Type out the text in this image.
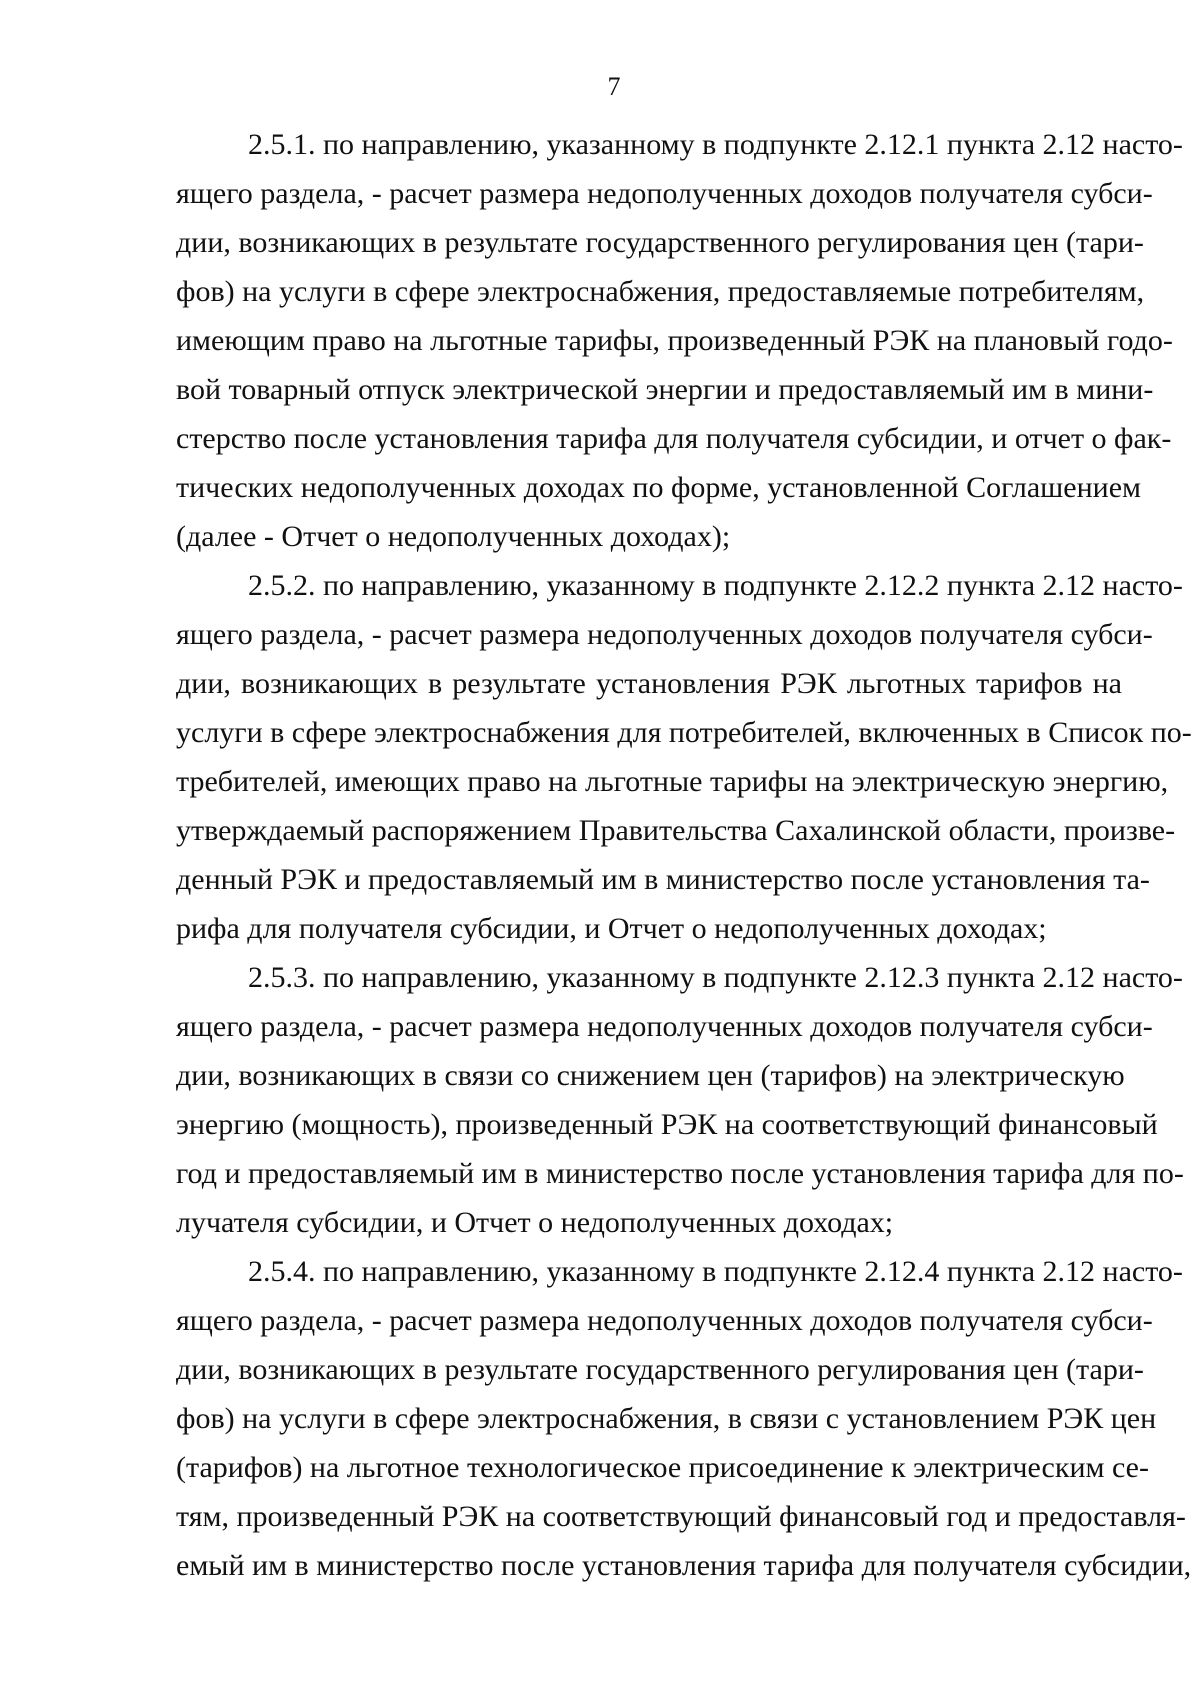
7
2.5.1. по направлению, указанному в подпункте 2.12.1 пункта 2.12 насто-
ящего раздела, - расчет размера недополученных доходов получателя субси-
дии, возникающих в результате государственного регулирования цен (тари-
фов) на услуги в сфере электроснабжения, предоставляемые потребителям,
имеющим право на льготные тарифы, произведенный РЭК на плановый годо-
вой товарный отпуск электрической энергии и предоставляемый им в мини-
стерство после установления тарифа для получателя субсидии, и отчет о фак-
тических недополученных доходах по форме, установленной Соглашением
(далее - Отчет о недополученных доходах);
2.5.2. по направлению, указанному в подпункте 2.12.2 пункта 2.12 насто-
ящего раздела, - расчет размера недополученных доходов получателя субси-
дии, возникающих в результате установления РЭК льготных тарифов на
услуги в сфере электроснабжения для потребителей, включенных в Список по-
требителей, имеющих право на льготные тарифы на электрическую энергию,
утверждаемый распоряжением Правительства Сахалинской области, произве-
денный РЭК и предоставляемый им в министерство после установления та-
рифа для получателя субсидии, и Отчет о недополученных доходах;
2.5.3. по направлению, указанному в подпункте 2.12.3 пункта 2.12 насто-
ящего раздела, - расчет размера недополученных доходов получателя субси-
дии, возникающих в связи со снижением цен (тарифов) на электрическую
энергию (мощность), произведенный РЭК на соответствующий финансовый
год и предоставляемый им в министерство после установления тарифа для по-
лучателя субсидии, и Отчет о недополученных доходах;
2.5.4. по направлению, указанному в подпункте 2.12.4 пункта 2.12 насто-
ящего раздела, - расчет размера недополученных доходов получателя субси-
дии, возникающих в результате государственного регулирования цен (тари-
фов) на услуги в сфере электроснабжения, в связи с установлением РЭК цен
(тарифов) на льготное технологическое присоединение к электрическим се-
тям, произведенный РЭК на соответствующий финансовый год и предоставля-
емый им в министерство после установления тарифа для получателя субсидии,
